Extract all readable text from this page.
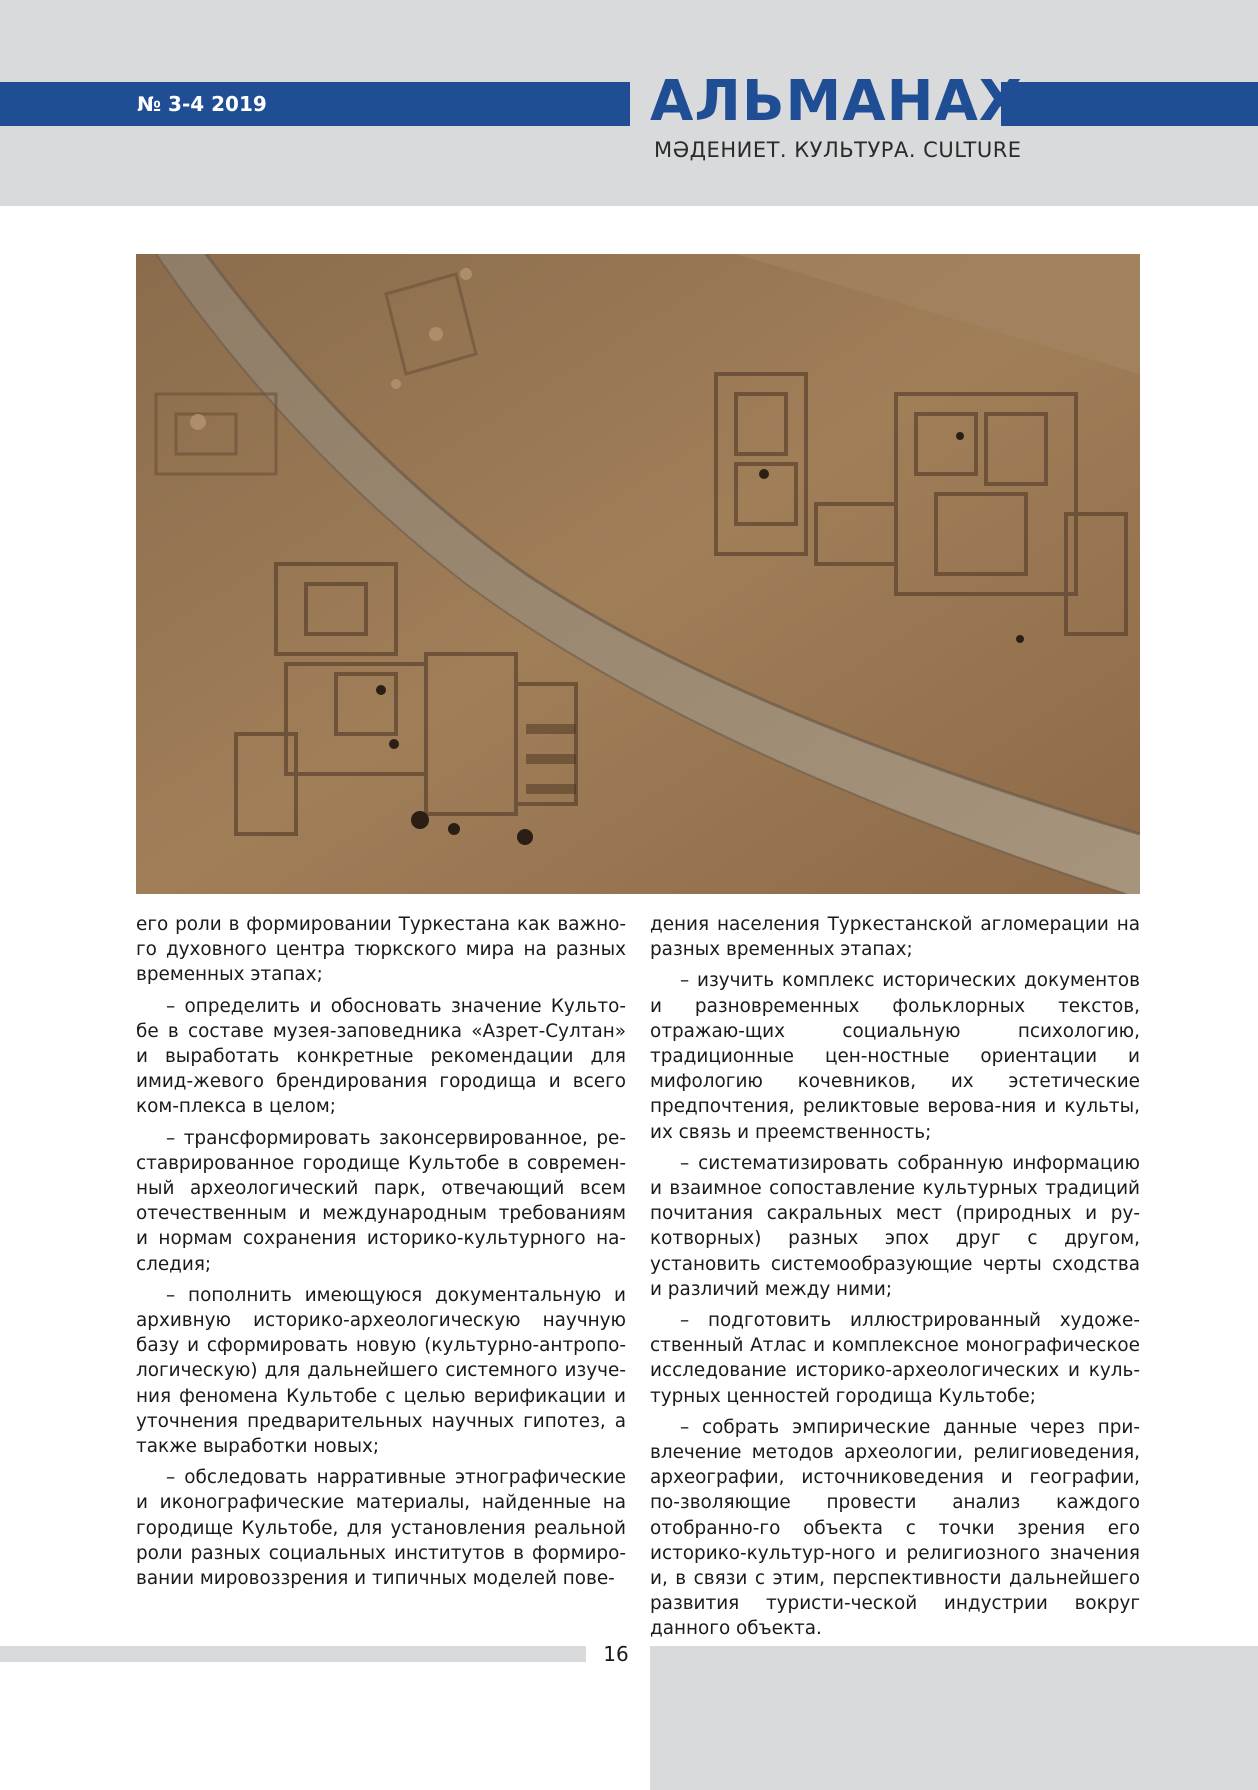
№ 3-4 2019	АЛЬМАНАХ
МӘДЕНИЕТ. КУЛЬТУРА. CULTURE

его роли в формировании Туркестана как важно-го духовного центра тюркского мира на разных временных этапах;

– определить и обосновать значение Культо-бе в составе музея-заповедника «Азрет-Султан» и выработать конкретные рекомендации для имид-жевого брендирования городища и всего ком-плекса в целом;

– трансформировать законсервированное, ре-ставрированное городище Культобе в современ-ный археологический парк, отвечающий всем отечественным и международным требованиям и нормам сохранения историко-культурного на-следия;

– пополнить имеющуюся документальную и архивную историко-археологическую научную базу и сформировать новую (культурно-антропо-логическую) для дальнейшего системного изуче-ния феномена Культобе с целью верификации и уточнения предварительных научных гипотез, а также выработки новых;

– обследовать нарративные этнографические и иконографические материалы, найденные на городище Культобе, для установления реальной роли разных социальных институтов в формиро-вании мировоззрения и типичных моделей пове-

дения населения Туркестанской агломерации на разных временных этапах;

– изучить комплекс исторических документов и разновременных фольклорных текстов, отражаю-щих социальную психологию, традиционные цен-ностные ориентации и мифологию кочевников, их эстетические предпочтения, реликтовые верова-ния и культы, их связь и преемственность;

– систематизировать собранную информацию и взаимное сопоставление культурных традиций почитания сакральных мест (природных и ру-котворных) разных эпох друг с другом, установить системообразующие черты сходства и различий между ними;

– подготовить иллюстрированный художе-ственный Атлас и комплексное монографическое исследование историко-археологических и куль-турных ценностей городища Культобе;

– собрать эмпирические данные через при-влечение методов археологии, религиоведения, археографии, источниковедения и географии, по-зволяющие провести анализ каждого отобранно-го объекта с точки зрения его историко-культур-ного и религиозного значения и, в связи с этим, перспективности дальнейшего развития туристи-ческой индустрии вокруг данного объекта.

16
